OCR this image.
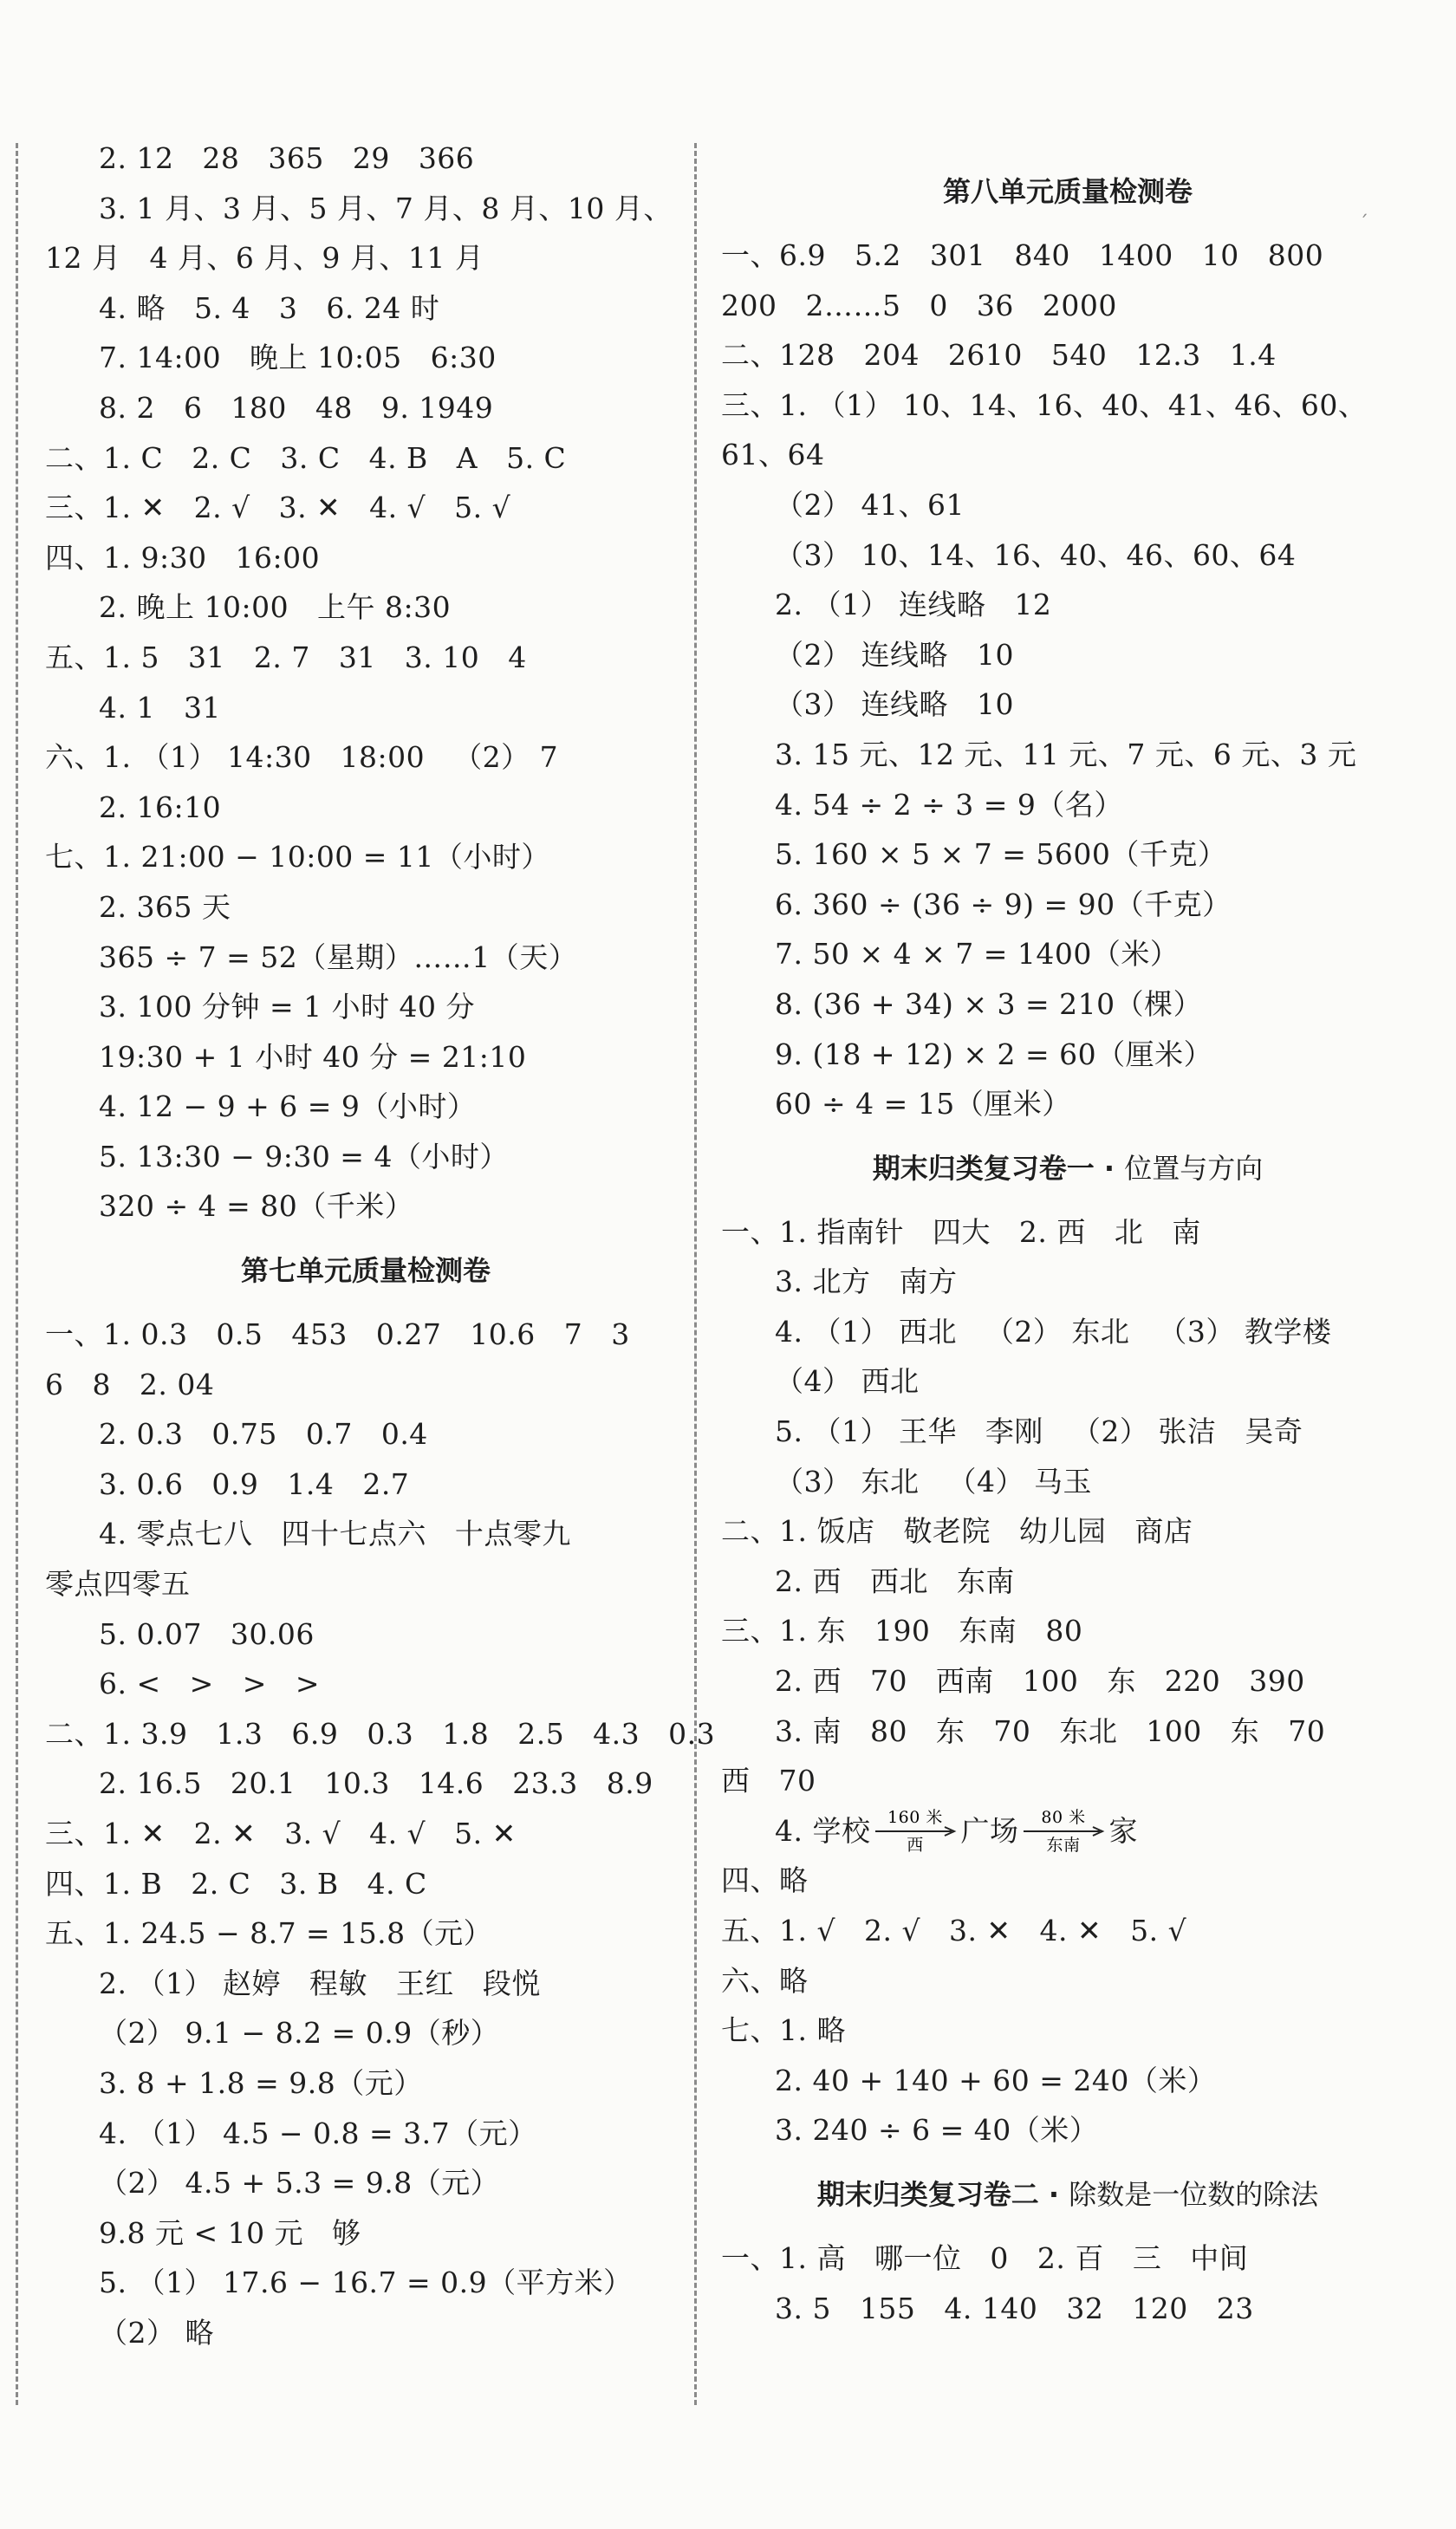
ˊ
2. 12   28   365   29   366
3. 1 月、3 月、5 月、7 月、8 月、10 月、
12 月   4 月、6 月、9 月、11 月
4. 略   5. 4   3   6. 24 时
7. 14:00   晚上 10:05   6:30
8. 2   6   180   48   9. 1949
二、1. C   2. C   3. C   4. B   A   5. C
三、1. ✕   2. √   3. ✕   4. √   5. √
四、1. 9:30   16:00
2. 晚上 10:00   上午 8:30
五、1. 5   31   2. 7   31   3. 10   4
4. 1   31
六、1. （1） 14:30   18:00   （2） 7
2. 16:10
七、1. 21:00 − 10:00 = 11（小时）
2. 365 天
365 ÷ 7 = 52（星期）……1（天）
3. 100 分钟 = 1 小时 40 分
19:30 + 1 小时 40 分 = 21:10
4. 12 − 9 + 6 = 9（小时）
5. 13:30 − 9:30 = 4（小时）
320 ÷ 4 = 80（千米）
第七单元质量检测卷
一、1. 0.3   0.5   453   0.27   10.6   7   3
6   8   2. 04
2. 0.3   0.75   0.7   0.4
3. 0.6   0.9   1.4   2.7
4. 零点七八   四十七点六   十点零九
零点四零五
5. 0.07   30.06
6. <   >   >   >
二、1. 3.9   1.3   6.9   0.3   1.8   2.5   4.3   0.3
2. 16.5   20.1   10.3   14.6   23.3   8.9
三、1. ✕   2. ✕   3. √   4. √   5. ✕
四、1. B   2. C   3. B   4. C
五、1. 24.5 − 8.7 = 15.8（元）
2. （1） 赵婷   程敏   王红   段悦
（2） 9.1 − 8.2 = 0.9（秒）
3. 8 + 1.8 = 9.8（元）
4. （1） 4.5 − 0.8 = 3.7（元）
（2） 4.5 + 5.3 = 9.8（元）
9.8 元 < 10 元   够
5. （1） 17.6 − 16.7 = 0.9（平方米）
（2） 略
第八单元质量检测卷
一、6.9   5.2   301   840   1400   10   800
200   2……5   0   36   2000
二、128   204   2610   540   12.3   1.4
三、1. （1） 10、14、16、40、41、46、60、
61、64
（2） 41、61
（3） 10、14、16、40、46、60、64
2. （1） 连线略   12
（2） 连线略   10
（3） 连线略   10
3. 15 元、12 元、11 元、7 元、6 元、3 元
4. 54 ÷ 2 ÷ 3 = 9（名）
5. 160 × 5 × 7 = 5600（千克）
6. 360 ÷ (36 ÷ 9) = 90（千克）
7. 50 × 4 × 7 = 1400（米）
8. (36 + 34) × 3 = 210（棵）
9. (18 + 12) × 2 = 60（厘米）
60 ÷ 4 = 15（厘米）
期末归类复习卷一 · 位置与方向
一、1. 指南针   四大   2. 西   北   南
3. 北方   南方
4. （1） 西北   （2） 东北   （3） 教学楼
（4） 西北
5. （1） 王华   李刚   （2） 张洁   吴奇
（3） 东北   （4） 马玉
二、1. 饭店   敬老院   幼儿园   商店
2. 西   西北   东南
三、1. 东   190   东南   80
2. 西   70   西南   100   东   220   390
3. 南   80   东   70   东北   100   东   70
西   70
4. 学校 160 米
西 广场 80 米
东南 家
四、略
五、1. √   2. √   3. ✕   4. ✕   5. √
六、略
七、1. 略
2. 40 + 140 + 60 = 240（米）
3. 240 ÷ 6 = 40（米）
期末归类复习卷二 · 除数是一位数的除法
一、1. 高   哪一位   0   2. 百   三   中间
3. 5   155   4. 140   32   120   23
